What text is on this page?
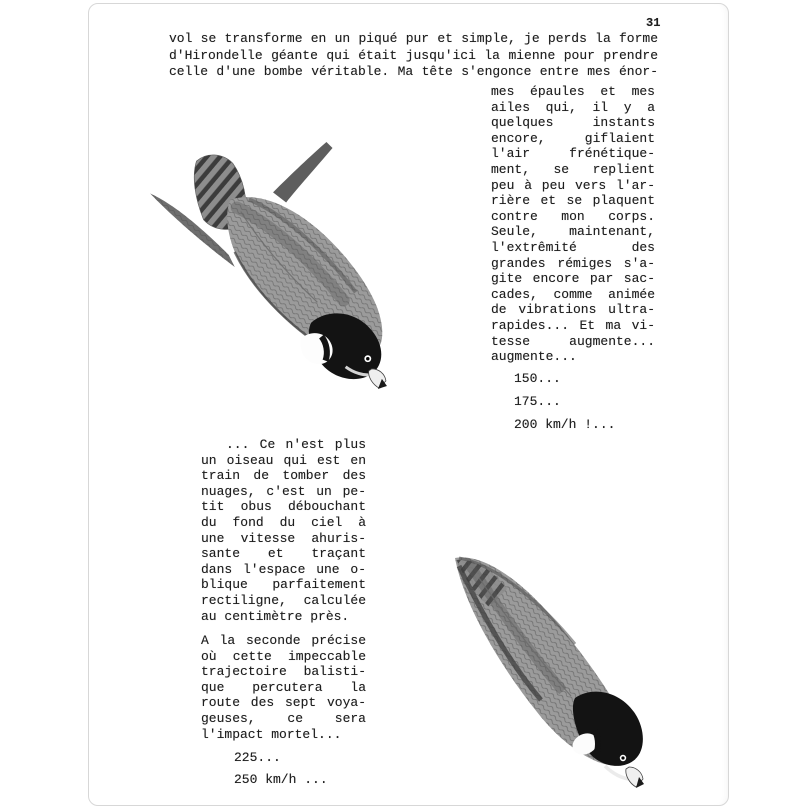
31
vol se transforme en un piqué pur et simple, je perds la forme
d'Hirondelle géante qui était jusqu'ici la mienne pour prendre
celle d'une bombe véritable. Ma tête s'engonce entre mes énor-
mes épaules et mes
ailes qui, il y a
quelques instants
encore, giflaient
l'air frénétique-
ment, se replient
peu à peu vers l'ar-
rière et se plaquent
contre mon corps.
Seule, maintenant,
l'extrêmité des
grandes rémiges s'a-
gite encore par sac-
cades, comme animée
de vibrations ultra-
rapides... Et ma vi-
tesse augmente...
augmente...
150...
175...
200 km/h !...
... Ce n'est plus
un oiseau qui est en
train de tomber des
nuages, c'est un pe-
tit obus débouchant
du fond du ciel à
une vitesse ahuris-
sante et traçant
dans l'espace une o-
blique parfaitement
rectiligne, calculée
au centimètre près.
A la seconde précise
où cette impeccable
trajectoire balisti-
que percutera la
route des sept voya-
geuses, ce sera
l'impact mortel...
225...
250 km/h ...
